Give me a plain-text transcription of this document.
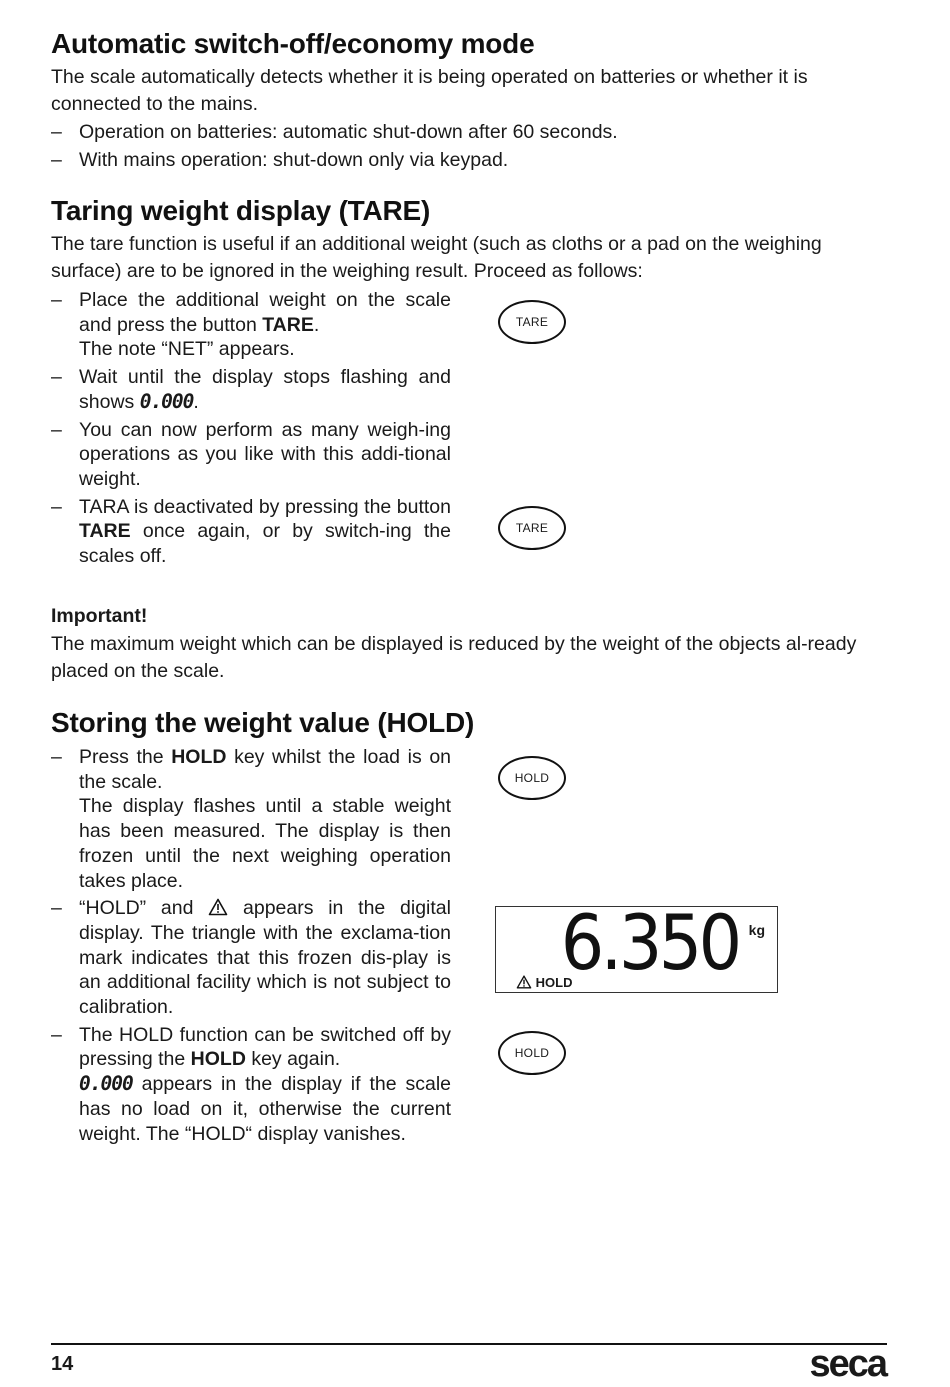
Automatic switch-off/economy mode

The scale automatically detects whether it is being operated on batteries or whether it is connected to the mains.

– Operation on batteries: automatic shut-down after 60 seconds.
– With mains operation: shut-down only via keypad.
Taring weight display (TARE)

The tare function is useful if an additional weight (such as cloths or a pad on the weighing surface) are to be ignored in the weighing result. Proceed as follows:

– Place the additional weight on the scale and press the button TARE.
The note “NET” appears.
– Wait until the display stops flashing and shows 0.000.
– You can now perform as many weigh-ing operations as you like with this addi-tional weight.
– TARA is deactivated by pressing the button TARE once again, or by switch-ing the scales off.
Important!

The maximum weight which can be displayed is reduced by the weight of the objects al-ready placed on the scale.

Storing the weight value (HOLD)
– Press the HOLD key whilst the load is on the scale.
The display flashes until a stable weight has been measured. The display is then frozen until the next weighing operation takes place.
– “HOLD” and	appears in the digital display. The triangle with the exclama-tion mark indicates that this frozen dis-play is an additional facility which is not subject to calibration.
– The HOLD function can be switched off by pressing the HOLD key again.
0.000 appears in the display if the scale has no load on it, otherwise the current weight. The “HOLD“ display vanishes.
TARE
TARE
HOLD
HOLD
6.350 kg
HOLD
14	seca
